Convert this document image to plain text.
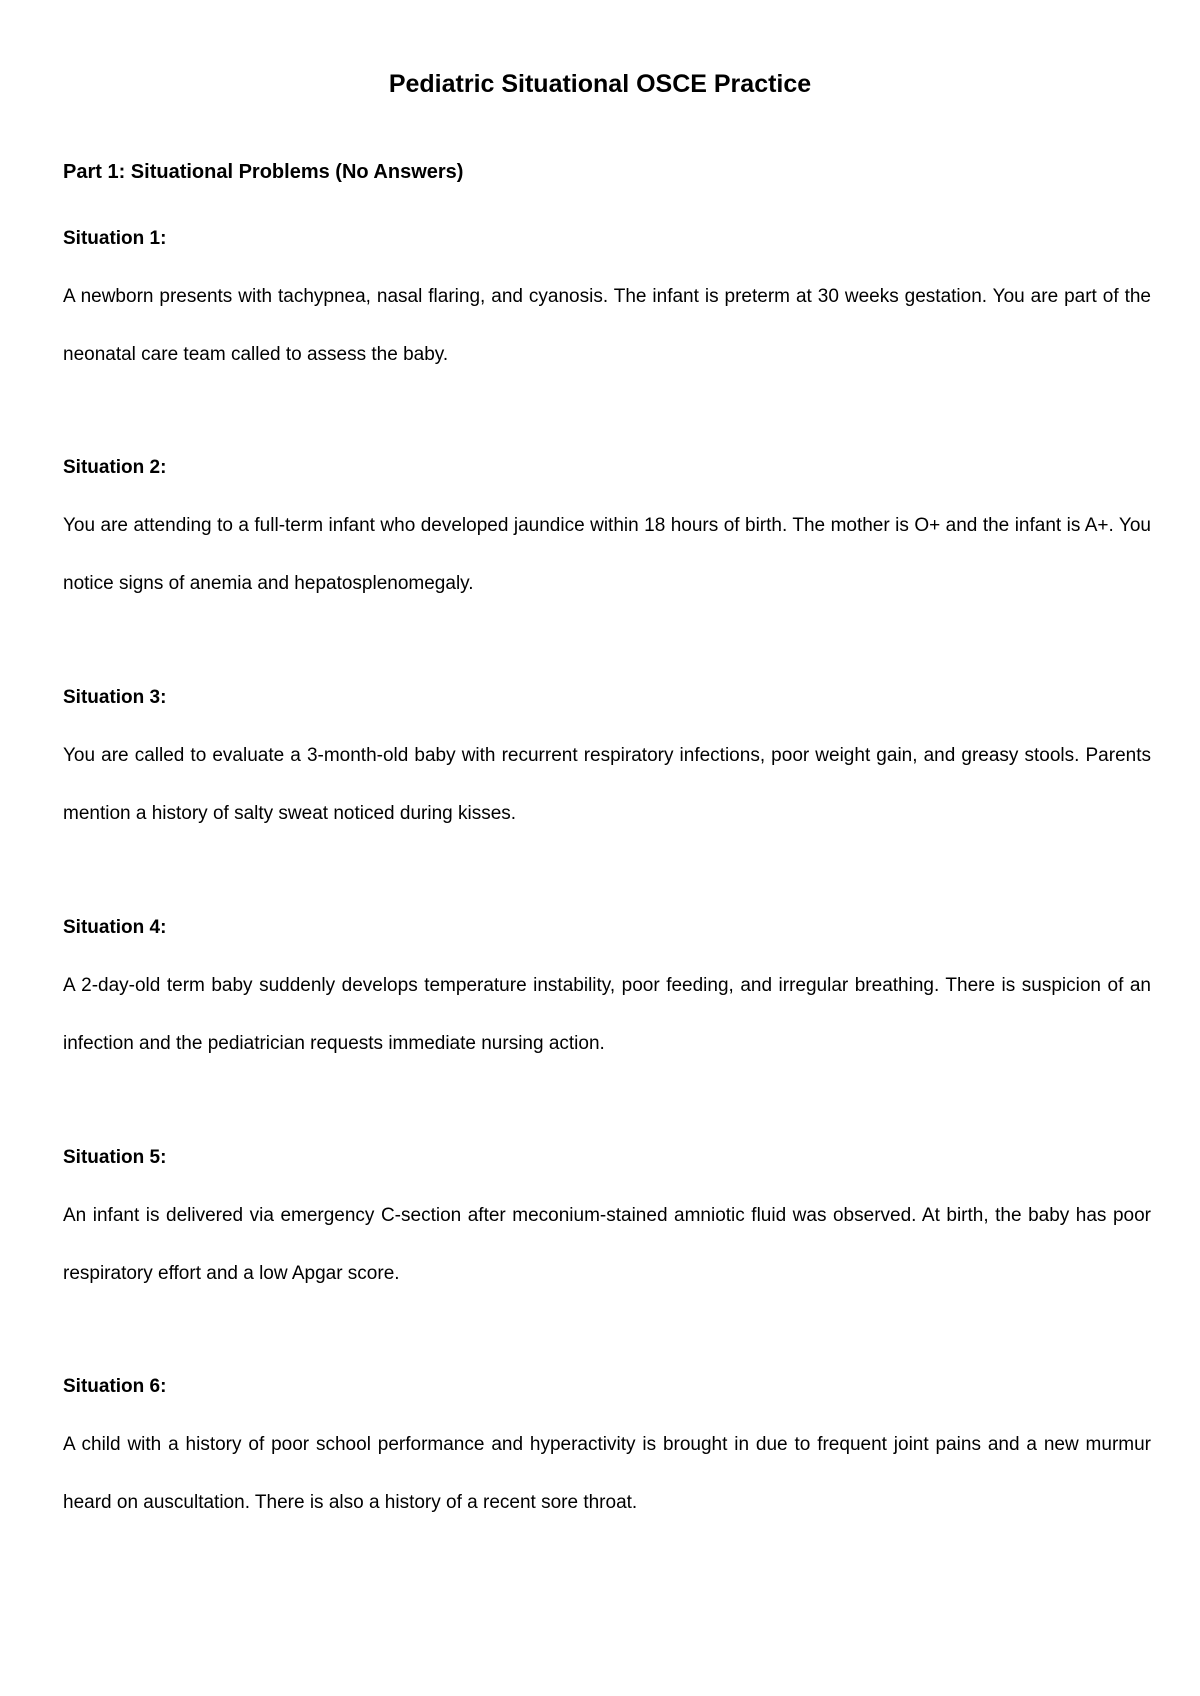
Pediatric Situational OSCE Practice
Part 1: Situational Problems (No Answers)
Situation 1:

A newborn presents with tachypnea, nasal flaring, and cyanosis. The infant is preterm at 30 weeks gestation. You are part of the neonatal care team called to assess the baby.

Situation 2:

You are attending to a full-term infant who developed jaundice within 18 hours of birth. The mother is O+ and the infant is A+. You notice signs of anemia and hepatosplenomegaly.

Situation 3:

You are called to evaluate a 3-month-old baby with recurrent respiratory infections, poor weight gain, and greasy stools. Parents mention a history of salty sweat noticed during kisses.

Situation 4:

A 2-day-old term baby suddenly develops temperature instability, poor feeding, and irregular breathing. There is suspicion of an infection and the pediatrician requests immediate nursing action.

Situation 5:

An infant is delivered via emergency C-section after meconium-stained amniotic fluid was observed. At birth, the baby has poor respiratory effort and a low Apgar score.

Situation 6:

A child with a history of poor school performance and hyperactivity is brought in due to frequent joint pains and a new murmur heard on auscultation. There is also a history of a recent sore throat.
